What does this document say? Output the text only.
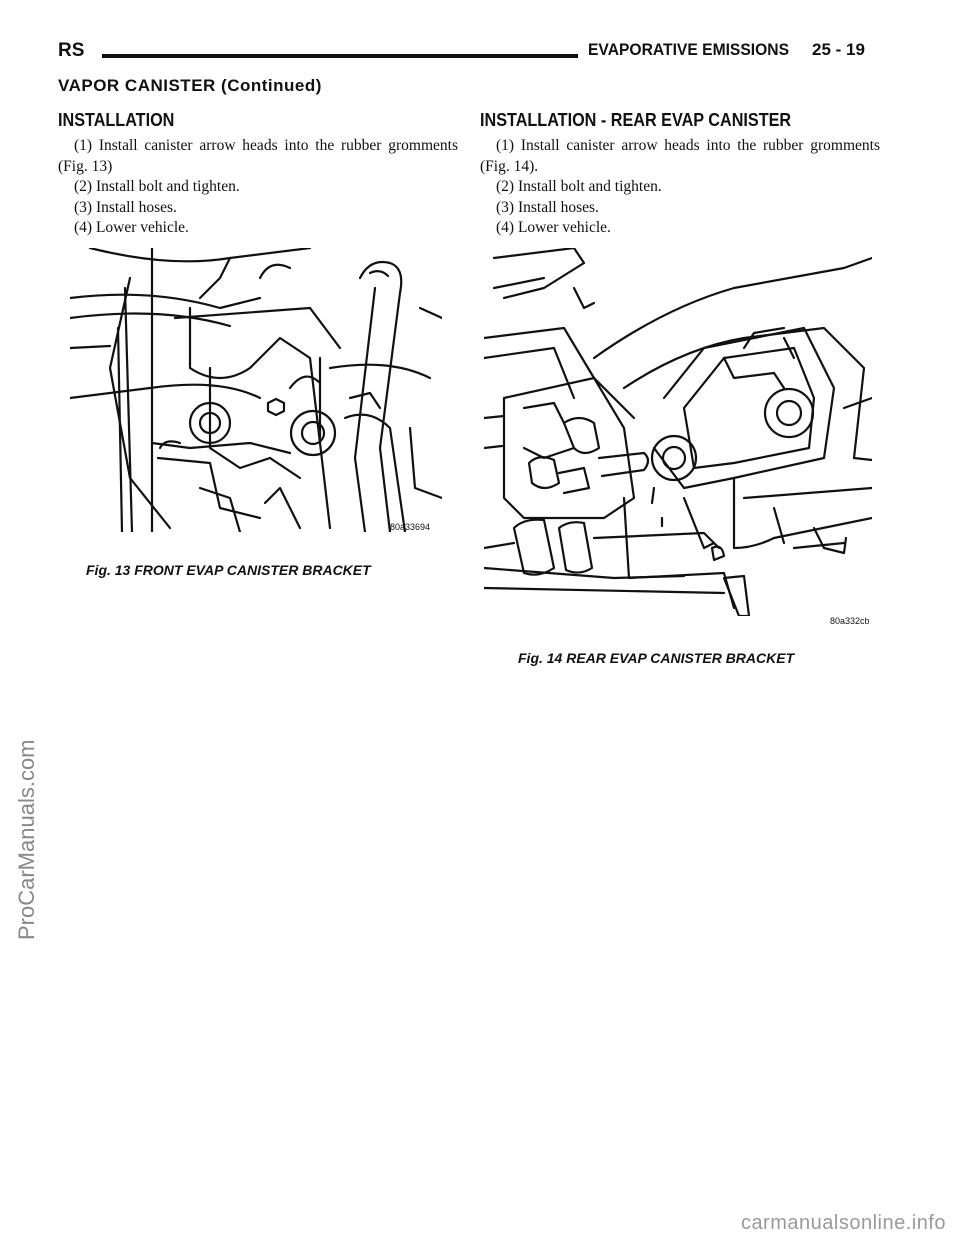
RS	EVAPORATIVE EMISSIONS 25 - 19
VAPOR CANISTER (Continued)
INSTALLATION

(1) Install canister arrow heads into the rubber gromments (Fig. 13)

(2) Install bolt and tighten.

(3) Install hoses.

(4) Lower vehicle.

80a33694
Fig. 13 FRONT EVAP CANISTER BRACKET
INSTALLATION - REAR EVAP CANISTER

(1) Install canister arrow heads into the rubber gromments (Fig. 14).

(2) Install bolt and tighten.

(3) Install hoses.

(4) Lower vehicle.

80a332cb
Fig. 14 REAR EVAP CANISTER BRACKET
ProCarManuals.com
carmanualsonline.info
